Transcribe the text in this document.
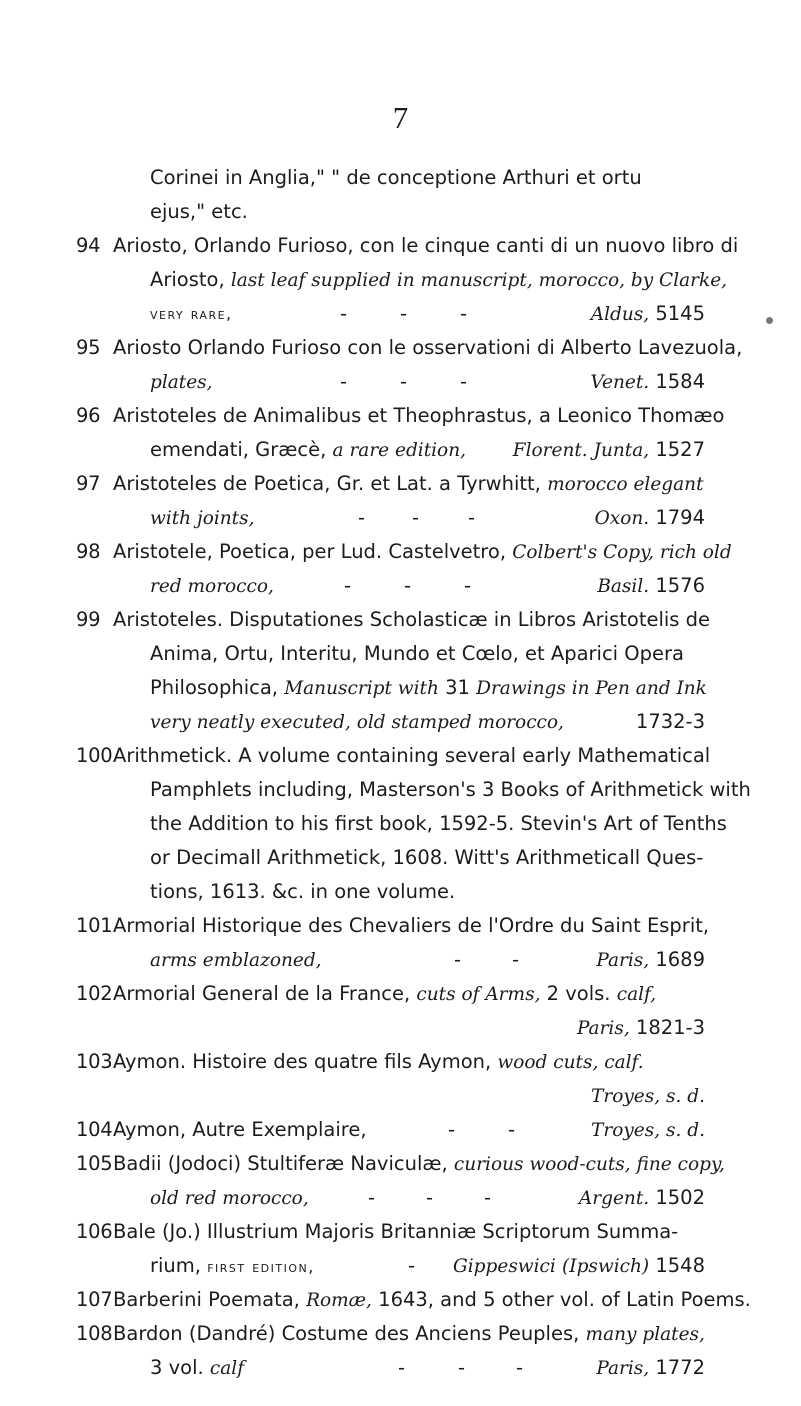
7
Corinei in Anglia," " de conceptione Arthuri et ortu
ejus," etc.
94 Ariosto, Orlando Furioso, con le cinque canti di un nuovo libro di
Ariosto, last leaf supplied in manuscript, morocco, by Clarke,
very rare,	-	-	-	Aldus, 5145
95 Ariosto Orlando Furioso con le osservationi di Alberto Lavezuola,
plates,	-	-	-	Venet. 1584
96 Aristoteles de Animalibus et Theophrastus, a Leonico Thomæo
emendati, Græcè, a rare edition,	Florent. Junta, 1527
97 Aristoteles de Poetica, Gr. et Lat. a Tyrwhitt, morocco elegant
with joints,	- -	-	Oxon. 1794
98 Aristotele, Poetica, per Lud. Castelvetro, Colbert's Copy, rich old
red morocco,	-	-	-	Basil. 1576
99 Aristoteles. Disputationes Scholasticæ in Libros Aristotelis de
Anima, Ortu, Interitu, Mundo et Cœlo, et Aparici Opera
Philosophica, Manuscript with 31 Drawings in Pen and Ink
very neatly executed, old stamped morocco,	1732-3
100 Arithmetick. A volume containing several early Mathematical
Pamphlets including, Masterson's 3 Books of Arithmetick with
the Addition to his first book, 1592-5. Stevin's Art of Tenths
or Decimall Arithmetick, 1608. Witt's Arithmeticall Ques-
tions, 1613. &c. in one volume.
101 Armorial Historique des Chevaliers de l'Ordre du Saint Esprit,
arms emblazoned,	-	-	Paris, 1689
102 Armorial General de la France, cuts of Arms, 2 vols. calf,
Paris, 1821-3
103 Aymon. Histoire des quatre fils Aymon, wood cuts, calf.
Troyes, s. d.
104 Aymon, Autre Exemplaire,	-	-	Troyes, s. d.
105 Badii (Jodoci) Stultiferæ Naviculæ, curious wood-cuts, fine copy,
old red morocco,	-	-	-	Argent. 1502
106 Bale (Jo.) Illustrium Majoris Britanniæ Scriptorum Summa-
rium, first edition,	- Gippeswici (Ipswich) 1548
107 Barberini Poemata, Romæ, 1643, and 5 other vol. of Latin Poems.
108 Bardon (Dandré) Costume des Anciens Peuples, many plates,
3 vol. calf	-	-	-	Paris, 1772
